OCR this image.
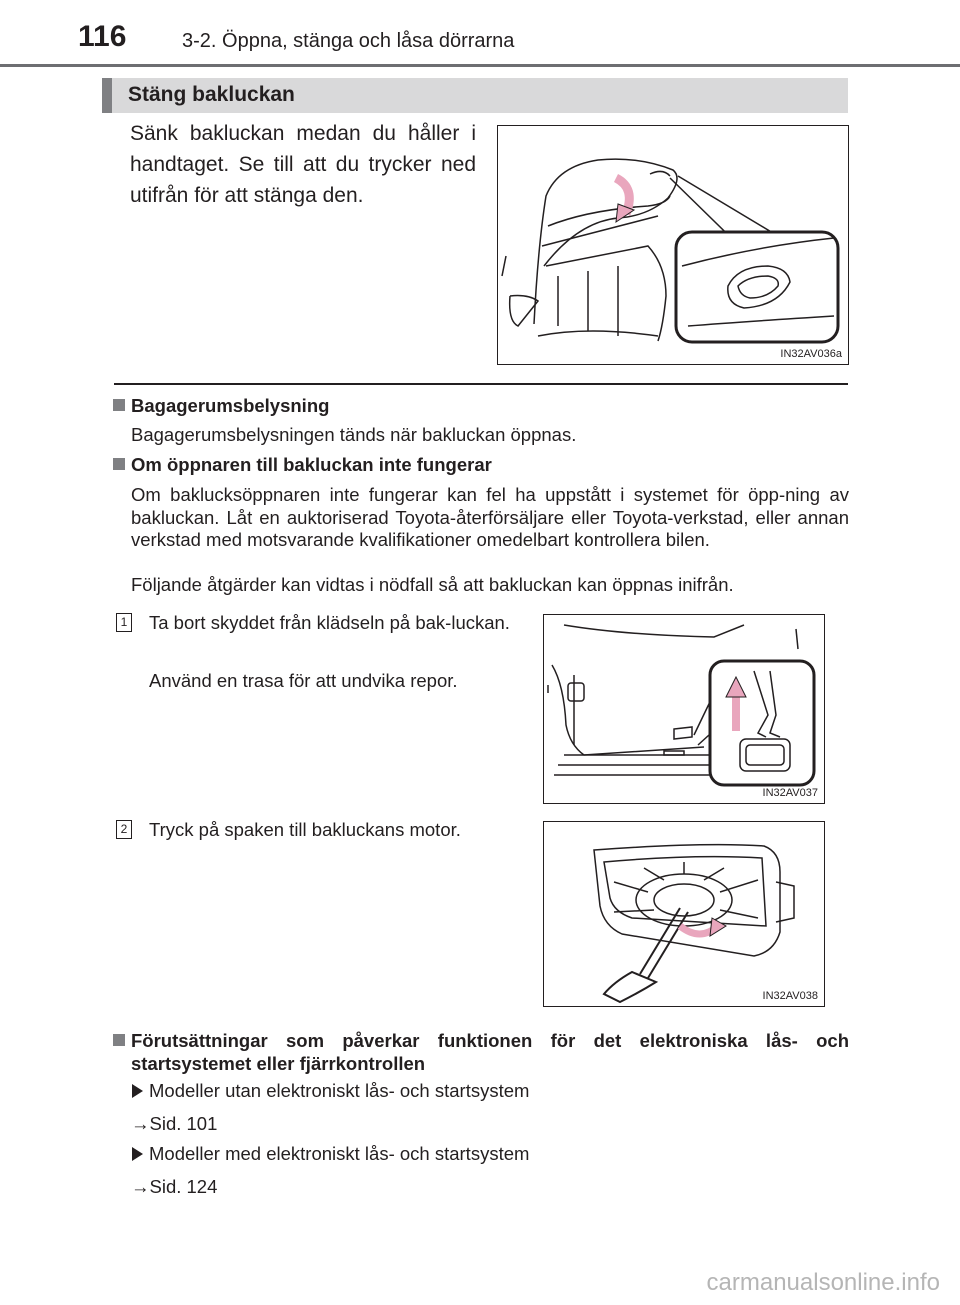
116	3-2. Öppna, stänga och låsa dörrarna
Stäng bakluckan
Sänk bakluckan medan du håller i handtaget. Se till att du trycker ned utifrån för att stänga den.
IN32AV036a
Bagagerumsbelysning
Bagagerumsbelysningen tänds när bakluckan öppnas.
Om öppnaren till bakluckan inte fungerar
Om baklucksöppnaren inte fungerar kan fel ha uppstått i systemet för öpp-ning av bakluckan. Låt en auktoriserad Toyota-återförsäljare eller Toyota-verkstad, eller annan verkstad med motsvarande kvalifikationer omedelbart kontrollera bilen.
Följande åtgärder kan vidtas i nödfall så att bakluckan kan öppnas inifrån.
1 Ta bort skyddet från klädseln på bak-luckan.
Använd en trasa för att undvika repor.
IN32AV037
2 Tryck på spaken till bakluckans motor.
IN32AV038
Förutsättningar som påverkar funktionen för det elektroniska lås- och startsystemet eller fjärrkontrollen
Modeller utan elektroniskt lås- och startsystem
→Sid. 101
Modeller med elektroniskt lås- och startsystem
→Sid. 124
carmanualsonline.info
